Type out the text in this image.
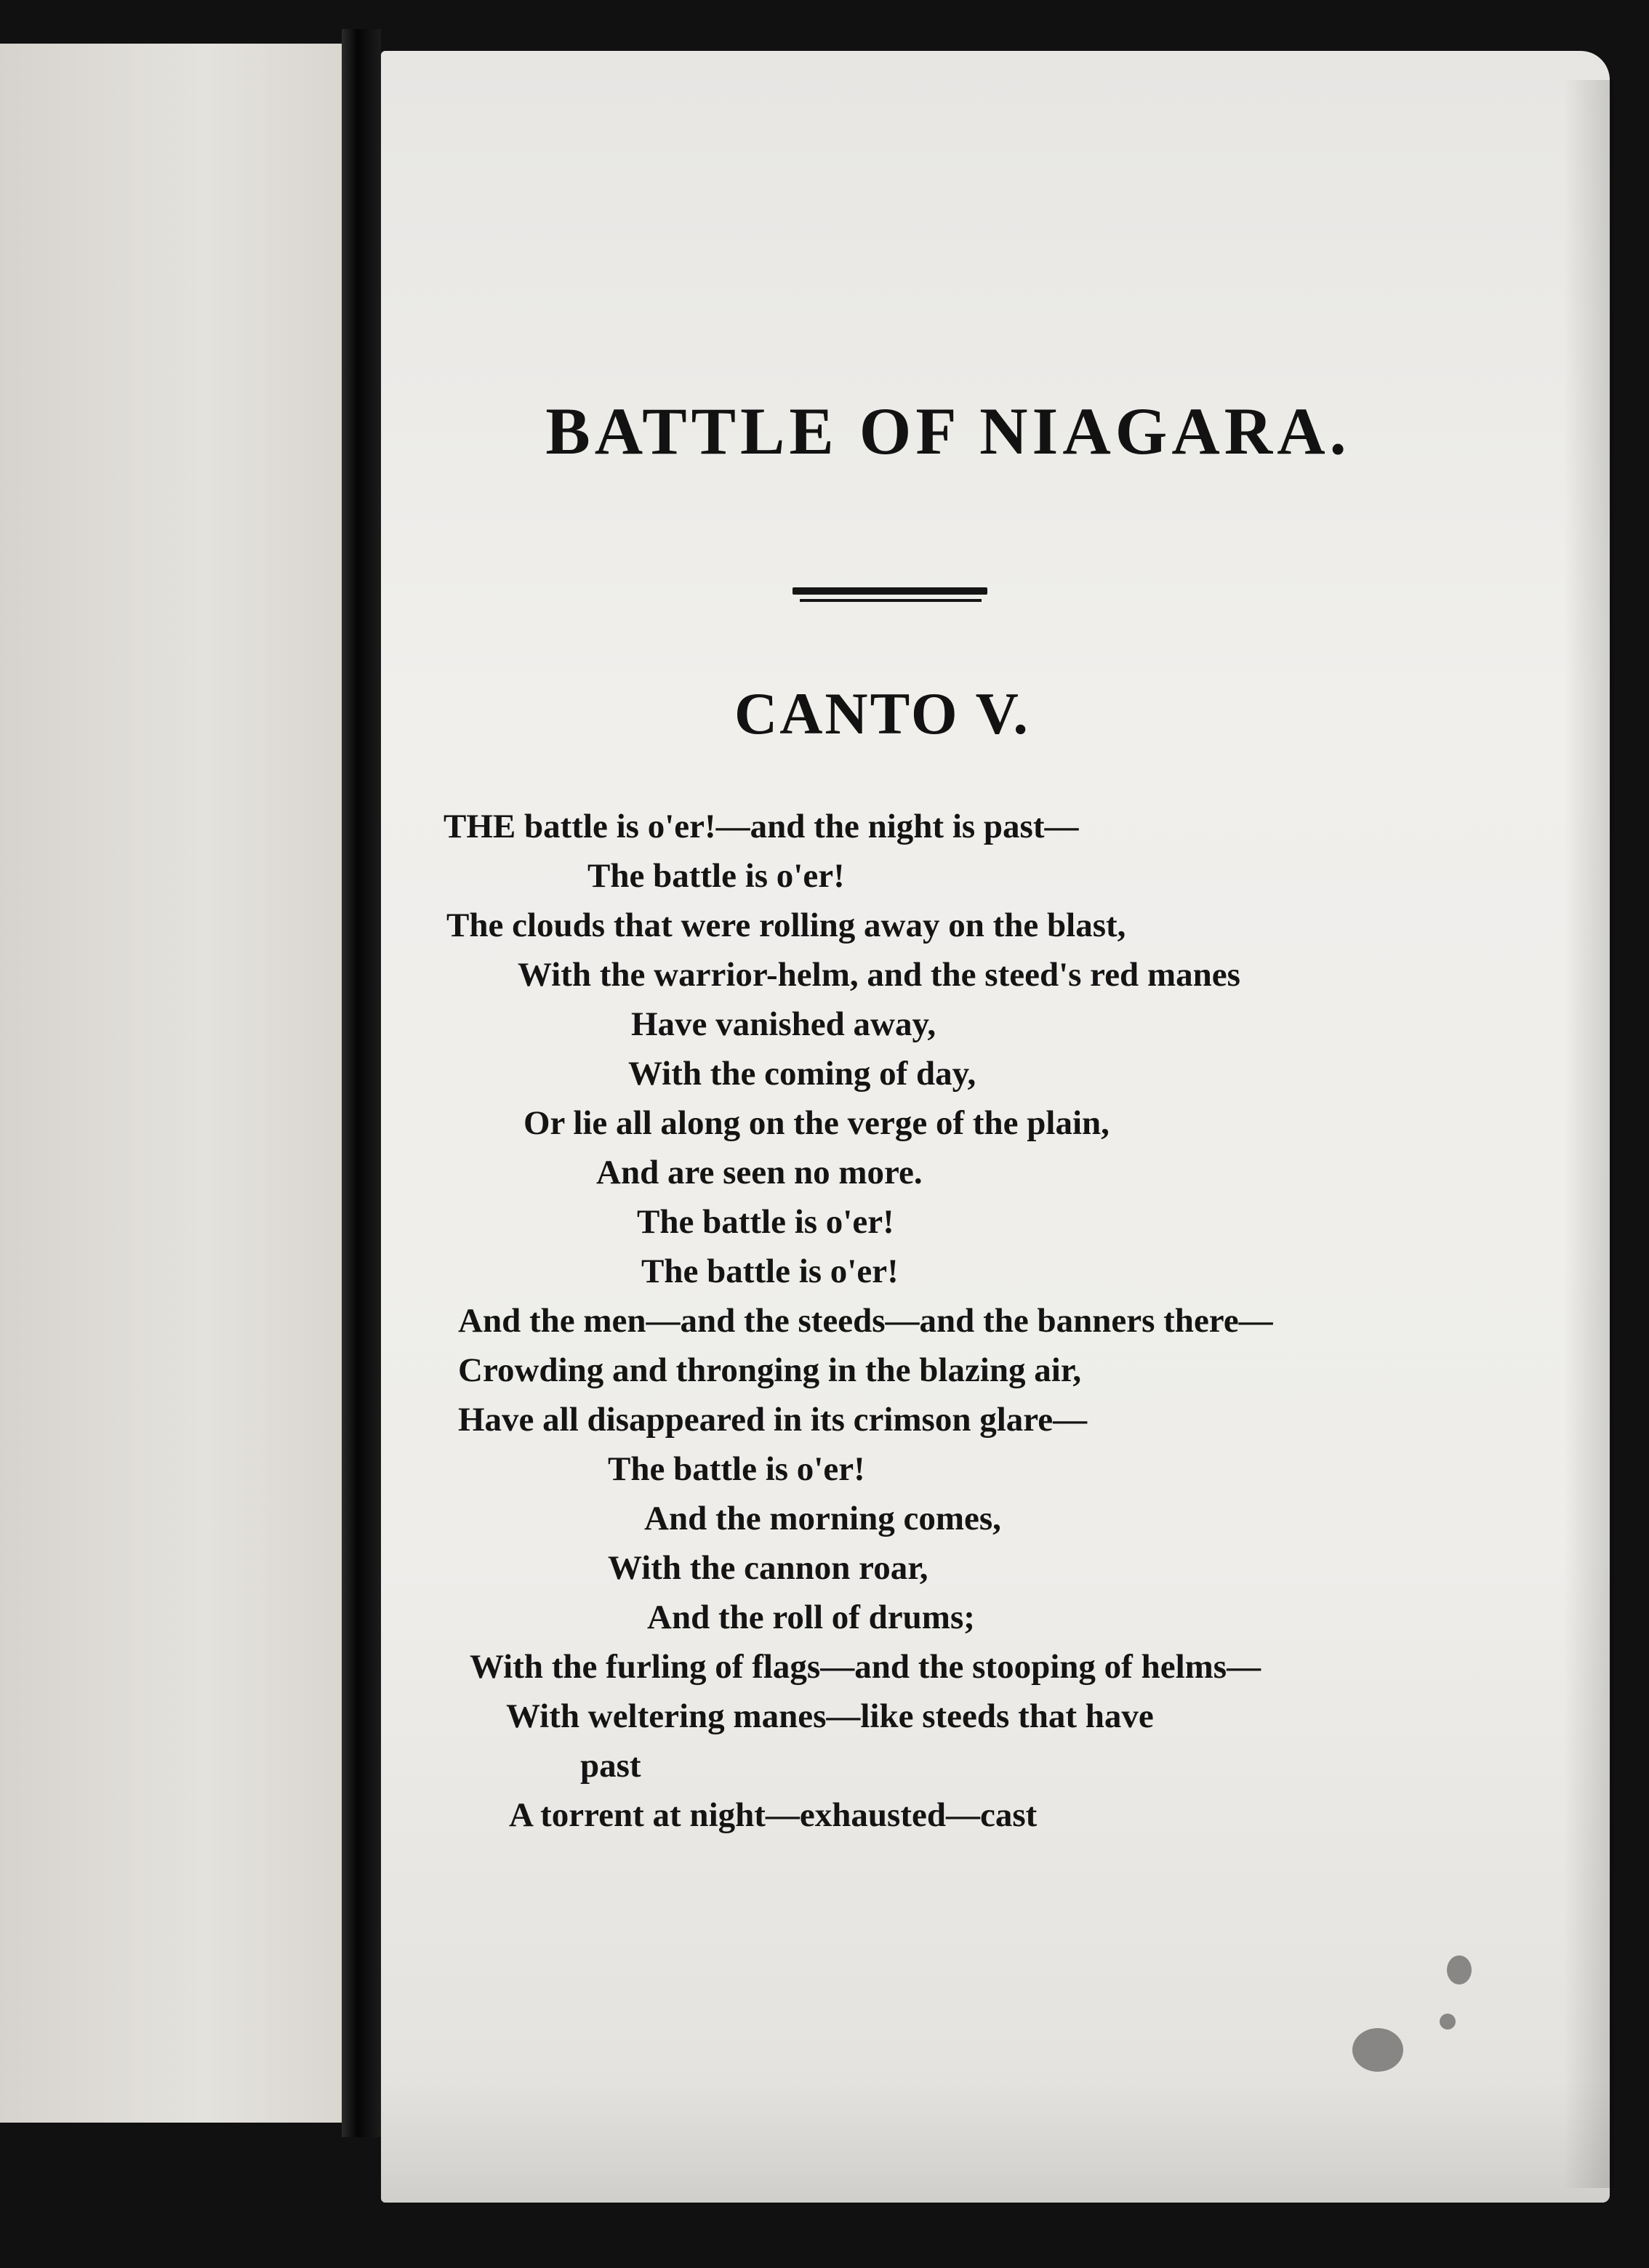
BATTLE OF NIAGARA.
CANTO V.
THE battle is o'er!—and the night is past—
The battle is o'er!
The clouds that were rolling away on the blast,
With the warrior-helm, and the steed's red manes
Have vanished away,
With the coming of day,
Or lie all along on the verge of the plain,
And are seen no more.
The battle is o'er!
The battle is o'er!
And the men—and the steeds—and the banners there—
Crowding and thronging in the blazing air,
Have all disappeared in its crimson glare—
The battle is o'er!
And the morning comes,
With the cannon roar,
And the roll of drums;
With the furling of flags—and the stooping of helms—
With weltering manes—like steeds that have
past
A torrent at night—exhausted—cast
